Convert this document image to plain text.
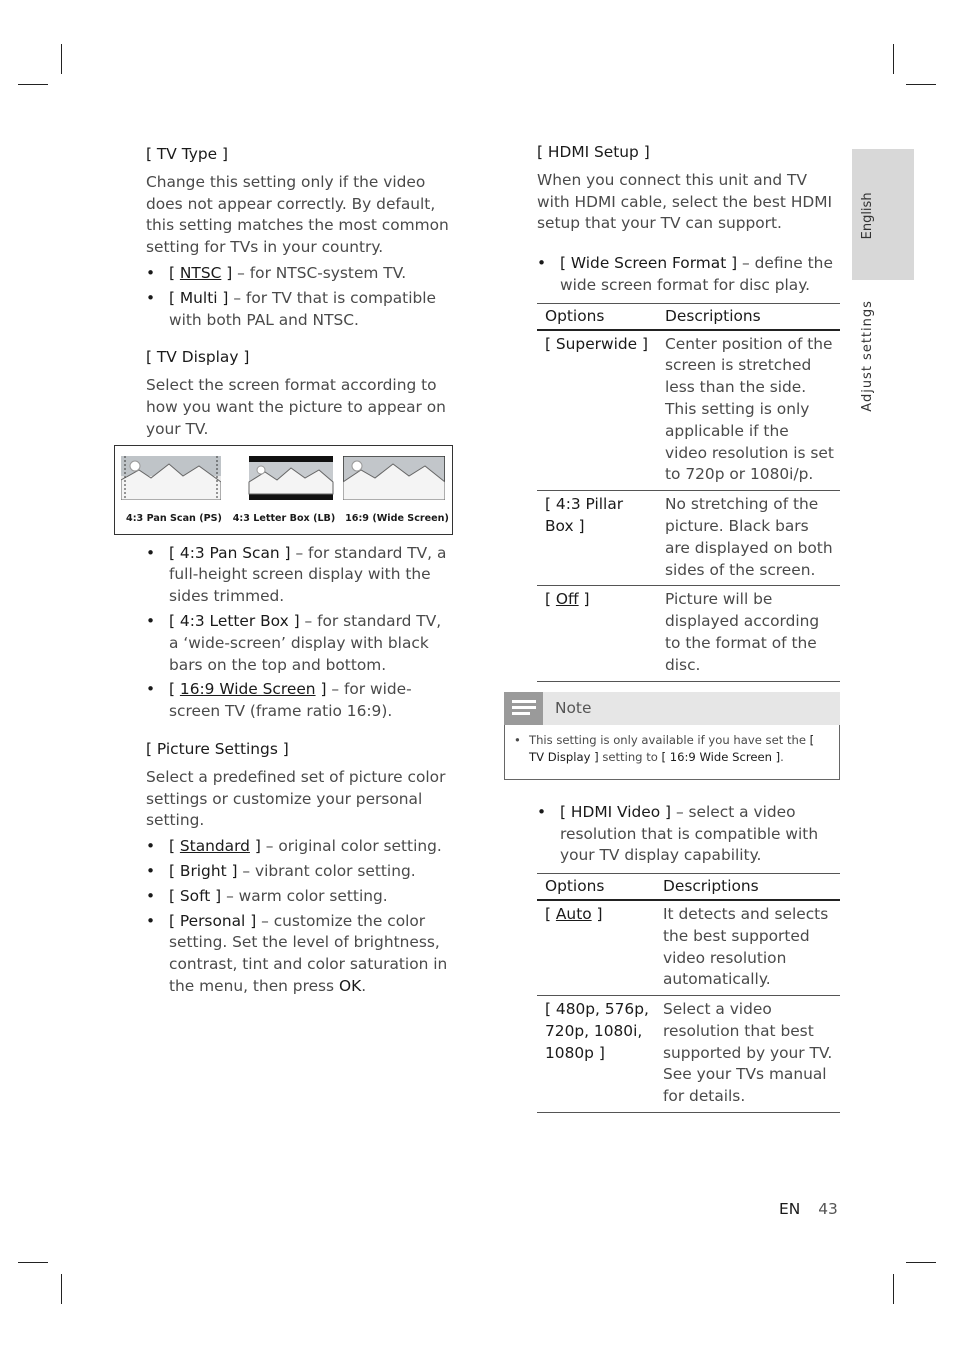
English
Adjust settings
[ TV Type ]

Change this setting only if the video does not appear correctly. By default, this setting matches the most common setting for TVs in your country.

• [ NTSC ] – for NTSC-system TV.
• [ Multi ] – for TV that is compatible with both PAL and NTSC.
[ TV Display ]

Select the screen format according to how you want the picture to appear on your TV.

4:3 Pan Scan (PS)	4:3 Letter Box (LB)	16:9 (Wide Screen)
• [ 4:3 Pan Scan ] – for standard TV, a full-height screen display with the sides trimmed.
• [ 4:3 Letter Box ] – for standard TV, a ‘wide-screen’ display with black bars on the top and bottom.
• [ 16:9 Wide Screen ] – for wide-screen TV (frame ratio 16:9).
[ Picture Settings ]

Select a predefined set of picture color settings or customize your personal setting.

• [ Standard ] – original color setting.
• [ Bright ] – vibrant color setting.
• [ Soft ] – warm color setting.
• [ Personal ] – customize the color setting. Set the level of brightness, contrast, tint and color saturation in the menu, then press OK.
[ HDMI Setup ]

When you connect this unit and TV with HDMI cable, select the best HDMI setup that your TV can support.

• [ Wide Screen Format ] – define the wide screen format for disc play.
Options	Descriptions
[ Superwide ]	Center position of the screen is stretched less than the side. This setting is only applicable if the video resolution is set to 720p or 1080i/p.
[ 4:3 Pillar Box ]	No stretching of the picture. Black bars are displayed on both sides of the screen.
[ Off ]	Picture will be displayed according to the format of the disc.
Note
• This setting is only available if you have set the [ TV Display ] setting to [ 16:9 Wide Screen ].
• [ HDMI Video ] – select a video resolution that is compatible with your TV display capability.
Options	Descriptions
[ Auto ]	It detects and selects the best supported video resolution automatically.
[ 480p, 576p, 720p, 1080i, 1080p ]	Select a video resolution that best supported by your TV. See your TVs manual for details.
EN 43
